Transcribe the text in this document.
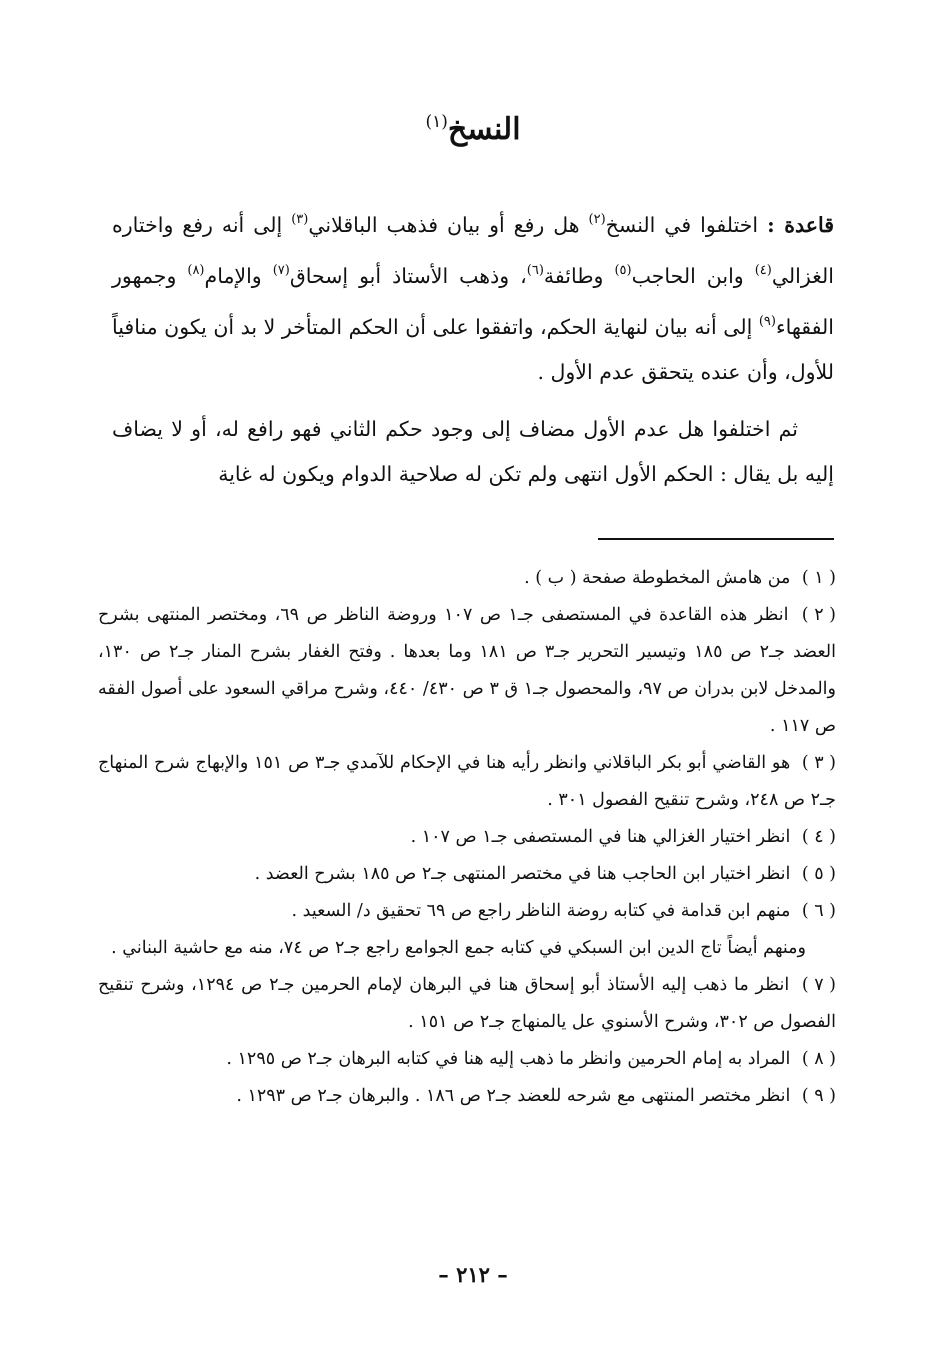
النسخ$^{(١)}$

قاعدة : اختلفوا في النسخ$^{(٢)}$ هل رفع أو بيان فذهب الباقلاني$^{(٣)}$ إلى أنه رفع واختاره الغزالي$^{(٤)}$ وابن الحاجب$^{(٥)}$ وطائفة$^{(٦)}$، وذهب الأستاذ أبو إسحاق$^{(٧)}$ والإمام$^{(٨)}$ وجمهور الفقهاء$^{(٩)}$ إلى أنه بيان لنهاية الحكم، واتفقوا على أن الحكم المتأخر لا بد أن يكون منافياً للأول، وأن عنده يتحقق عدم الأول .

ثم اختلفوا هل عدم الأول مضاف إلى وجود حكم الثاني فهو رافع له، أو لا يضاف إليه بل يقال : الحكم الأول انتهى ولم تكن له صلاحية الدوام ويكون له غاية

( ١ ) من هامش المخطوطة صفحة ( ب ) .
( ٢ ) انظر هذه القاعدة في المستصفى جـ١ ص ١٠٧ وروضة الناظر ص ٦٩، ومختصر المنتهى بشرح العضد جـ٢ ص ١٨٥ وتيسير التحرير جـ٣ ص ١٨١ وما بعدها . وفتح الغفار بشرح المنار جـ٢ ص ١٣٠، والمدخل لابن بدران ص ٩٧، والمحصول جـ١ ق ٣ ص ٤٣٠/ ٤٤٠، وشرح مراقي السعود على أصول الفقه ص ١١٧ .
( ٣ ) هو القاضي أبو بكر الباقلاني وانظر رأيه هنا في الإحكام للآمدي جـ٣ ص ١٥١ والإبهاج شرح المنهاج جـ٢ ص ٢٤٨، وشرح تنقيح الفصول ٣٠١ .
( ٤ ) انظر اختيار الغزالي هنا في المستصفى جـ١ ص ١٠٧ .
( ٥ ) انظر اختيار ابن الحاجب هنا في مختصر المنتهى جـ٢ ص ١٨٥ بشرح العضد .
( ٦ ) منهم ابن قدامة في كتابه روضة الناظر راجع ص ٦٩ تحقيق د/ السعيد .
ومنهم أيضاً تاج الدين ابن السبكي في كتابه جمع الجوامع راجع جـ٢ ص ٧٤، منه مع حاشية البناني .
( ٧ ) انظر ما ذهب إليه الأستاذ أبو إسحاق هنا في البرهان لإمام الحرمين جـ٢ ص ١٢٩٤، وشرح تنقيح الفصول ص ٣٠٢، وشرح الأسنوي عل يالمنهاج جـ٢ ص ١٥١ .
( ٨ ) المراد به إمام الحرمين وانظر ما ذهب إليه هنا في كتابه البرهان جـ٢ ص ١٢٩٥ .
( ٩ ) انظر مختصر المنتهى مع شرحه للعضد جـ٢ ص ١٨٦ . والبرهان جـ٢ ص ١٢٩٣ .
– ٢١٢ –
